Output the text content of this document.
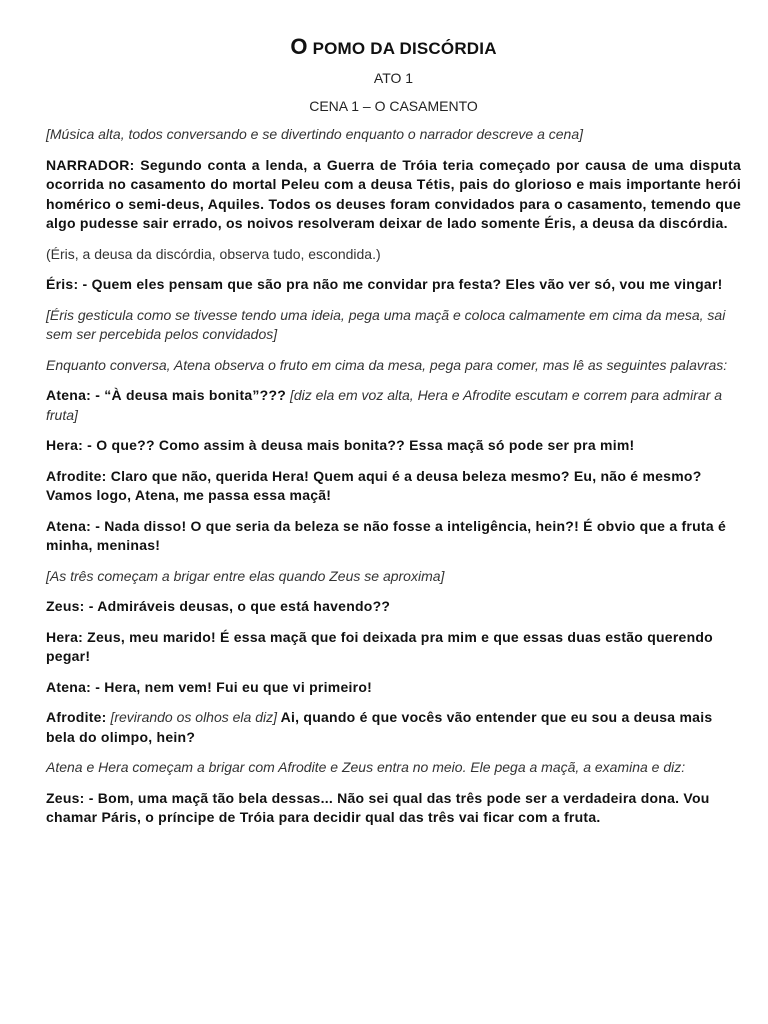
O POMO DA DISCÓRDIA
ATO 1
CENA 1 – O CASAMENTO
[Música alta, todos conversando e se divertindo enquanto o narrador descreve a cena]
NARRADOR: Segundo conta a lenda, a Guerra de Tróia teria começado por causa de uma disputa ocorrida no casamento do mortal Peleu com a deusa Tétis, pais do glorioso e mais importante herói homérico o semi-deus, Aquiles. Todos os deuses foram convidados para o casamento, temendo que algo pudesse sair errado, os noivos resolveram deixar de lado somente Éris, a deusa da discórdia.
(Éris, a deusa da discórdia, observa tudo, escondida.)
Éris: - Quem eles pensam que são pra não me convidar pra festa? Eles vão ver só, vou me vingar!
[Éris gesticula como se tivesse tendo uma ideia, pega uma maçã e coloca calmamente em cima da mesa, sai sem ser percebida pelos convidados]
Enquanto conversa, Atena observa o fruto em cima da mesa, pega para comer, mas lê as seguintes palavras:
Atena: - “À deusa mais bonita”??? [diz ela em voz alta, Hera e Afrodite escutam e correm para admirar a fruta]
Hera: - O que?? Como assim à deusa mais bonita?? Essa maçã só pode ser pra mim!
Afrodite: Claro que não, querida Hera! Quem aqui é a deusa beleza mesmo? Eu, não é mesmo? Vamos logo, Atena, me passa essa maçã!
Atena: - Nada disso! O que seria da beleza se não fosse a inteligência, hein?! É obvio que a fruta é minha, meninas!
[As três começam a brigar entre elas quando Zeus se aproxima]
Zeus: - Admiráveis deusas, o que está havendo??
Hera: Zeus, meu marido! É essa maçã que foi deixada pra mim e que essas duas estão querendo pegar!
Atena: - Hera, nem vem! Fui eu que vi primeiro!
Afrodite: [revirando os olhos ela diz] Ai, quando é que vocês vão entender que eu sou a deusa mais bela do olimpo, hein?
Atena e Hera começam a brigar com Afrodite e Zeus entra no meio. Ele pega a maçã, a examina e diz:
Zeus: - Bom, uma maçã tão bela dessas... Não sei qual das três pode ser a verdadeira dona. Vou chamar Páris, o príncipe de Tróia para decidir qual das três vai ficar com a fruta.
